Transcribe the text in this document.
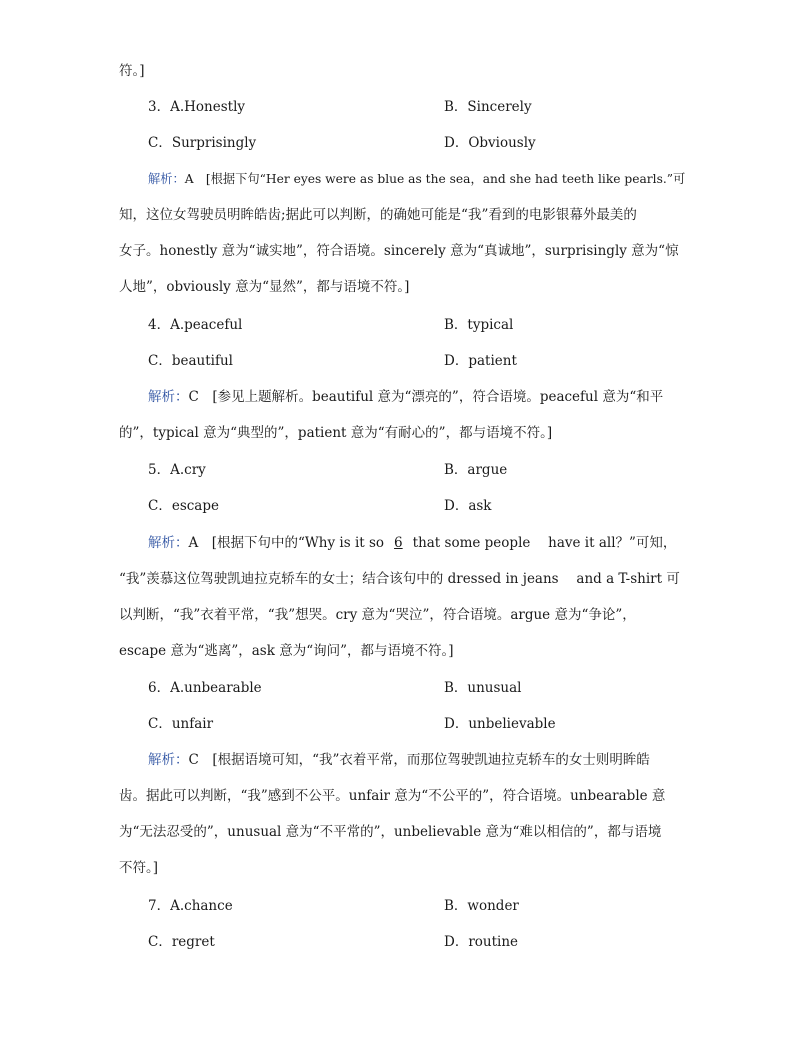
符。]
3．A.Honestly	B．Sincerely
C．Surprisingly	D．Obviously
解析：A　[根据下句“Her eyes were as blue as the sea，and she had teeth like pearls.”可
知，这位女驾驶员明眸皓齿;据此可以判断，的确她可能是“我”看到的电影银幕外最美的
女子。honestly 意为“诚实地”，符合语境。sincerely 意为“真诚地”，surprisingly 意为“惊
人地”，obviously 意为“显然”，都与语境不符。]
4．A.peaceful	B．typical
C．beautiful	D．patient
解析：C　[参见上题解析。beautiful 意为“漂亮的”，符合语境。peaceful 意为“和平
的”，typical 意为“典型的”，patient 意为“有耐心的”，都与语境不符。]
5．A.cry	B．argue
C．escape	D．ask
解析：A　[根据下句中的“Why is it so 6 that some people　 have it all？”可知，
“我”羡慕这位驾驶凯迪拉克轿车的女士；结合该句中的 dressed in jeans　 and a T-shirt 可
以判断，“我”衣着平常，“我”想哭。cry 意为“哭泣”，符合语境。argue 意为“争论”，
escape 意为“逃离”，ask 意为“询问”，都与语境不符。]
6．A.unbearable	B．unusual
C．unfair	D．unbelievable
解析：C　[根据语境可知，“我”衣着平常，而那位驾驶凯迪拉克轿车的女士则明眸皓
齿。据此可以判断，“我”感到不公平。unfair 意为“不公平的”，符合语境。unbearable 意
为“无法忍受的”，unusual 意为“不平常的”，unbelievable 意为“难以相信的”，都与语境
不符。]
7．A.chance	B．wonder
C．regret	D．routine
